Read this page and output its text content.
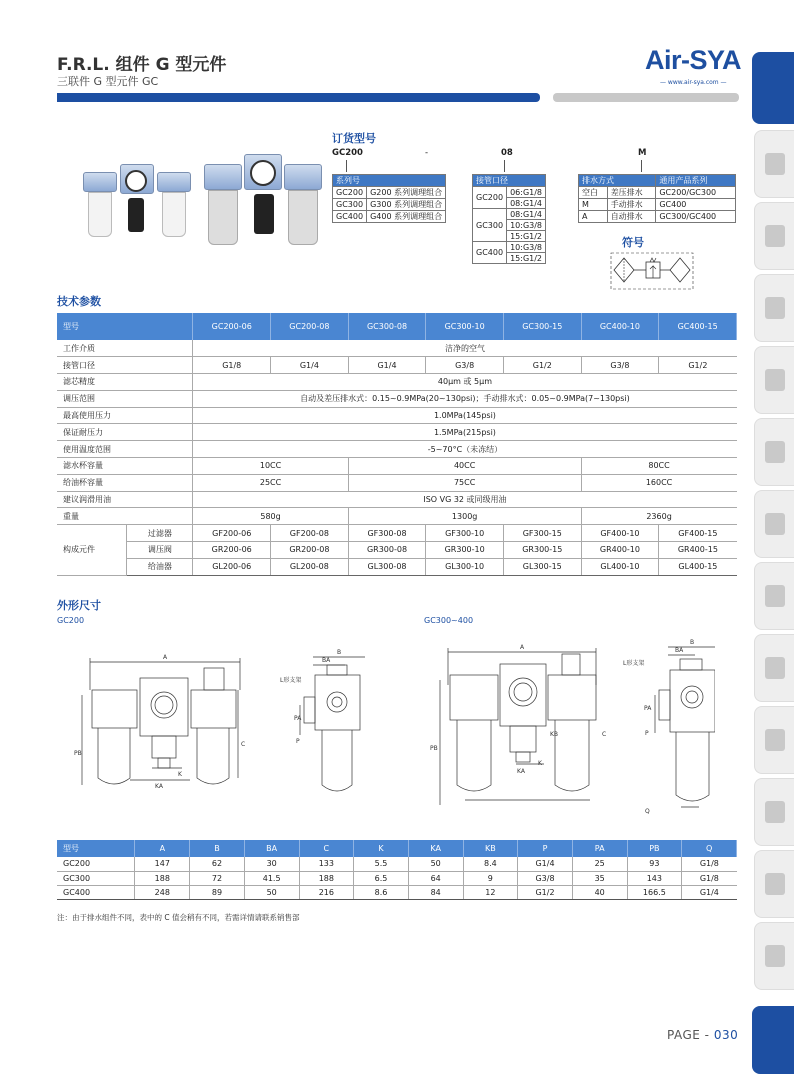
F.R.L. 组件 G 型元件
三联件 G 型元件 GC
Air-SYA
— www.air-sya.com —
订货型号
GC200	-	08	M
系列号	
GC200	G200 系列调理组合
GC300	G300 系列调理组合
GC400	G400 系列调理组合
接管口径	
GC200	06:G1/8
	08:G1/4
GC300	08:G1/4
	10:G3/8
	15:G1/2
GC400	10:G3/8
	15:G1/2
排水方式		通用产品系列
空白	差压排水	GC200/GC300
M	手动排水	GC400
A	自动排水	GC300/GC400
符号
技术参数
型号		GC200-06	GC200-08	GC300-08	GC300-10	GC300-15	GC400-10	GC400-15
工作介质		洁净的空气						
接管口径		G1/8	G1/4	G1/4	G3/8	G1/2	G3/8	G1/2
滤芯精度		40μm 或 5μm						
调压范围		自动及差压排水式：0.15~0.9MPa(20~130psi)；手动排水式：0.05~0.9MPa(7~130psi)						
最高使用压力		1.0MPa(145psi)						
保证耐压力		1.5MPa(215psi)						
使用温度范围		-5~70°C（未冻结）						
滤水杯容量		10CC		40CC			80CC	
给油杯容量		25CC		75CC			160CC	
建议润滑用油		ISO VG 32 或同级用油						
重量		580g		1300g			2360g	
构成元件	过滤器	GF200-06	GF200-08	GF300-08	GF300-10	GF300-15	GF400-10	GF400-15
	调压阀	GR200-06	GR200-08	GR300-08	GR300-10	GR300-15	GR400-10	GR400-15
	给油器	GL200-06	GL200-08	GL300-08	GL300-10	GL300-15	GL400-10	GL400-15
外形尺寸
GC200	GC300~400
A
PB
C
KA
K
B
BA
L形支架
PA
P
A
PB
C
KA
K
KB
B
BA
L形支架
PA
P
Q
型号	A	B	BA	C	K	KA	KB	P	PA	PB	Q
GC200	147	62	30	133	5.5	50	8.4	G1/4	25	93	G1/8
GC300	188	72	41.5	188	6.5	64	9	G3/8	35	143	G1/8
GC400	248	89	50	216	8.6	84	12	G1/2	40	166.5	G1/4
注：由于排水组件不同，表中的 C 值会稍有不同，若需详情请联系销售部
PAGE - 030
